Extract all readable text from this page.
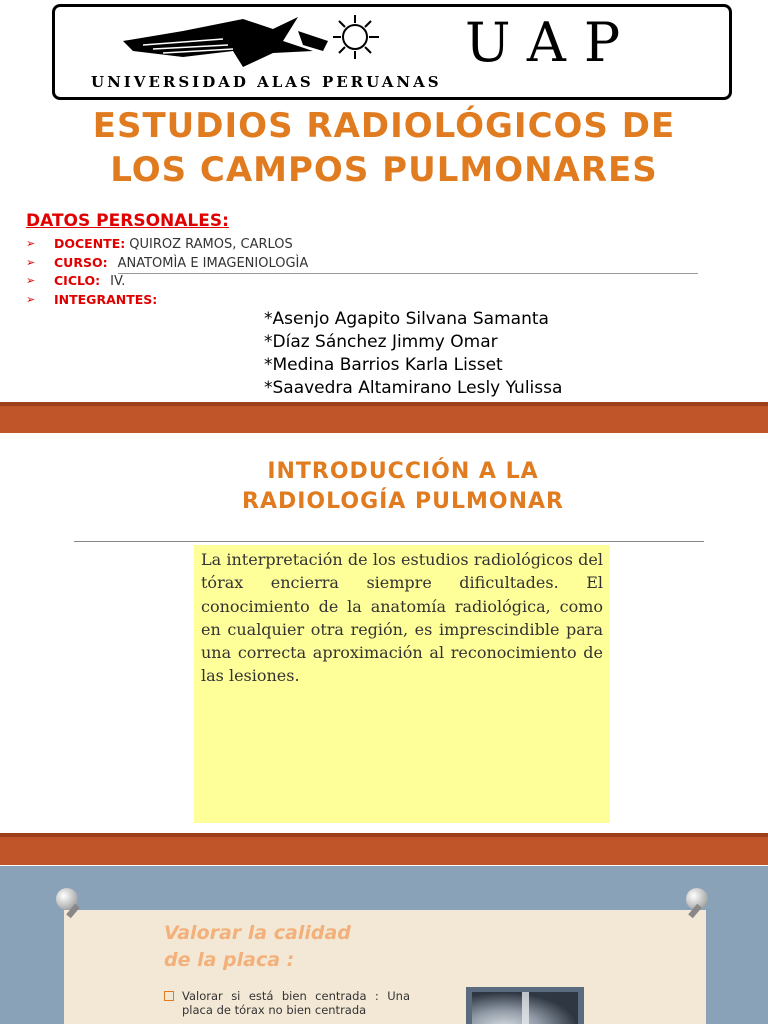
UAP
UNIVERSIDAD ALAS PERUANAS
ESTUDIOS RADIOLÓGICOS DE
LOS CAMPOS PULMONARES
DATOS PERSONALES:
➢ DOCENTE: QUIROZ RAMOS, CARLOS
➢ CURSO: ANATOMÌA E IMAGENIOLOGÌA
➢ CICLO: IV.
➢ INTEGRANTES:
*Asenjo Agapito Silvana Samanta
*Díaz Sánchez Jimmy Omar
*Medina Barrios Karla Lisset
*Saavedra Altamirano Lesly Yulissa
INTRODUCCIÓN A LA
RADIOLOGÍA PULMONAR

La interpretación de los estudios radiológicos del tórax encierra siempre dificultades. El conocimiento de la anatomía radiológica, como en cualquier otra región, es imprescindible para una correcta aproximación al reconocimiento de las lesiones.

Valorar la calidad
de la placa :

Valorar si está bien centrada : Una placa de tórax no bien centrada
